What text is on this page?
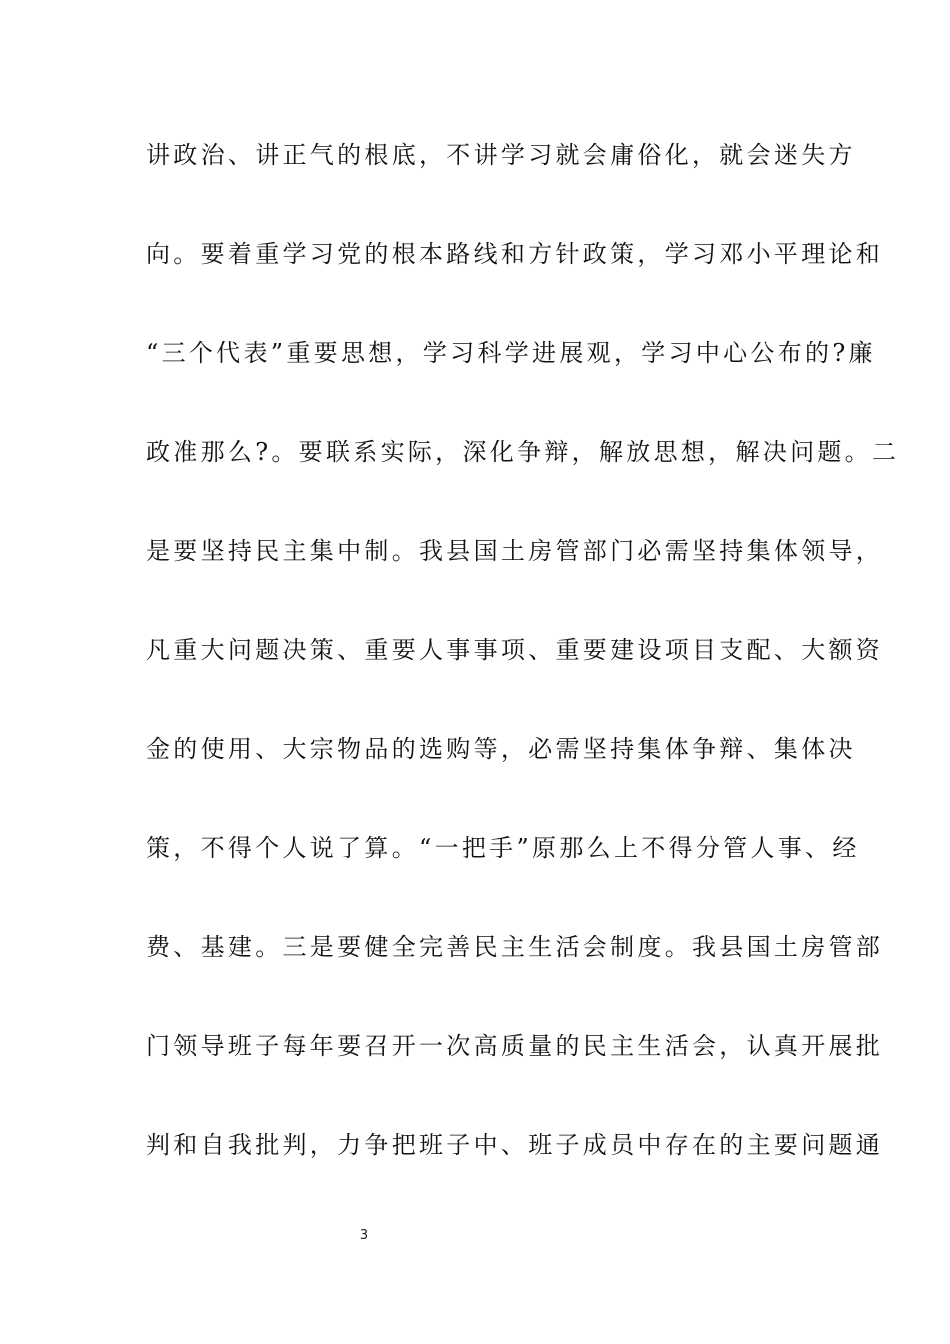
讲政治、讲正气的根底，不讲学习就会庸俗化，就会迷失方
向。要着重学习党的根本路线和方针政策，学习邓小平理论和
“三个代表”重要思想，学习科学进展观，学习中心公布的?廉
政准那么?。要联系实际，深化争辩，解放思想，解决问题。二
是要坚持民主集中制。我县国土房管部门必需坚持集体领导，
凡重大问题决策、重要人事事项、重要建设项目支配、大额资
金的使用、大宗物品的选购等，必需坚持集体争辩、集体决
策，不得个人说了算。“一把手”原那么上不得分管人事、经
费、基建。三是要健全完善民主生活会制度。我县国土房管部
门领导班子每年要召开一次高质量的民主生活会，认真开展批
判和自我批判，力争把班子中、班子成员中存在的主要问题通
3
